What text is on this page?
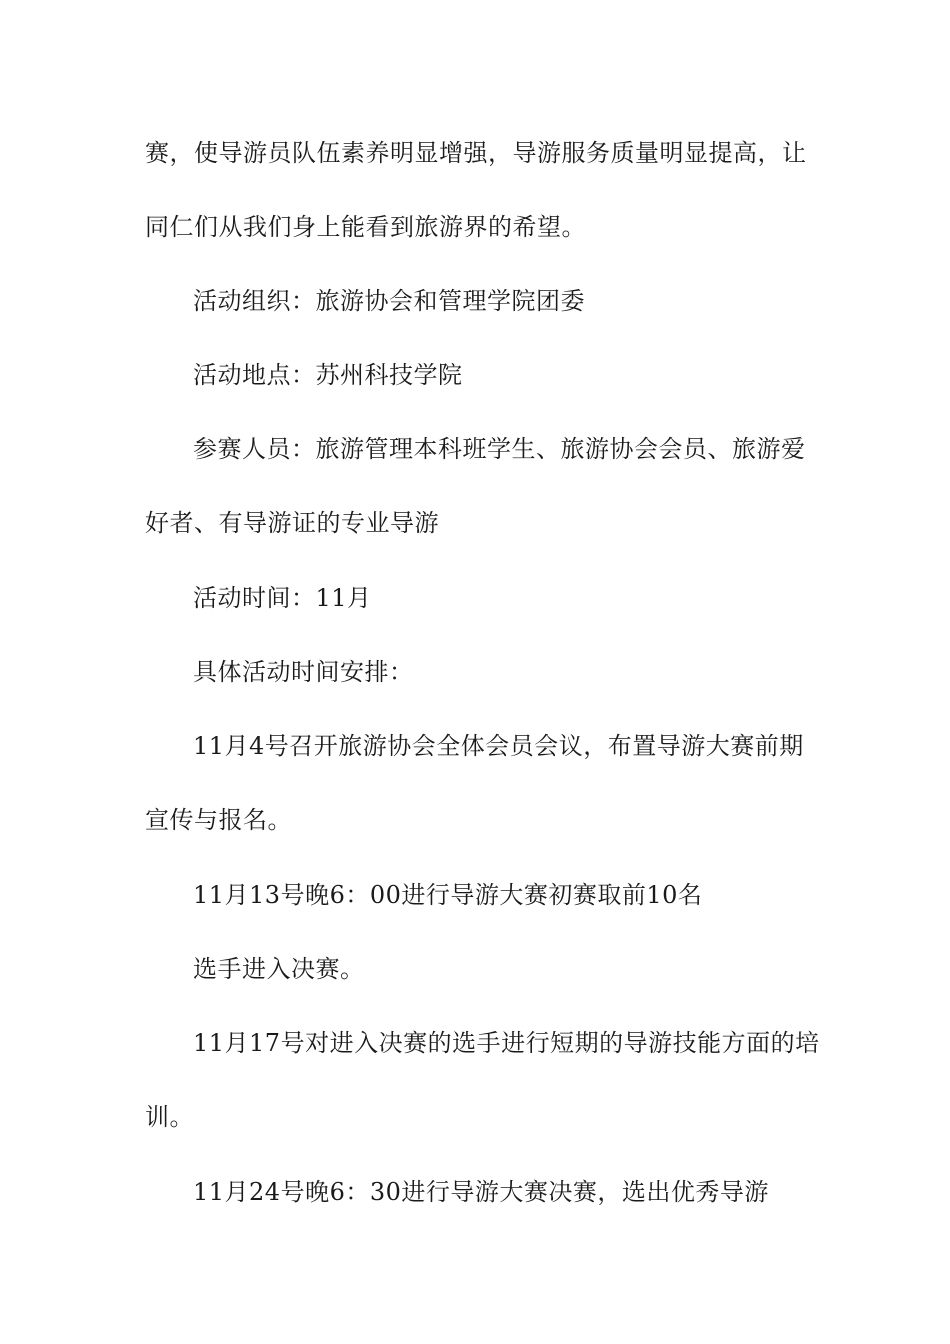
赛，使导游员队伍素养明显增强，导游服务质量明显提高，让
同仁们从我们身上能看到旅游界的希望。
活动组织：旅游协会和管理学院团委
活动地点：苏州科技学院
参赛人员：旅游管理本科班学生、旅游协会会员、旅游爱
好者、有导游证的专业导游
活动时间：11月
具体活动时间安排：
11月4号召开旅游协会全体会员会议，布置导游大赛前期
宣传与报名。
11月13号晚6：00进行导游大赛初赛取前10名
选手进入决赛。
11月17号对进入决赛的选手进行短期的导游技能方面的培
训。
11月24号晚6：30进行导游大赛决赛，选出优秀导游
